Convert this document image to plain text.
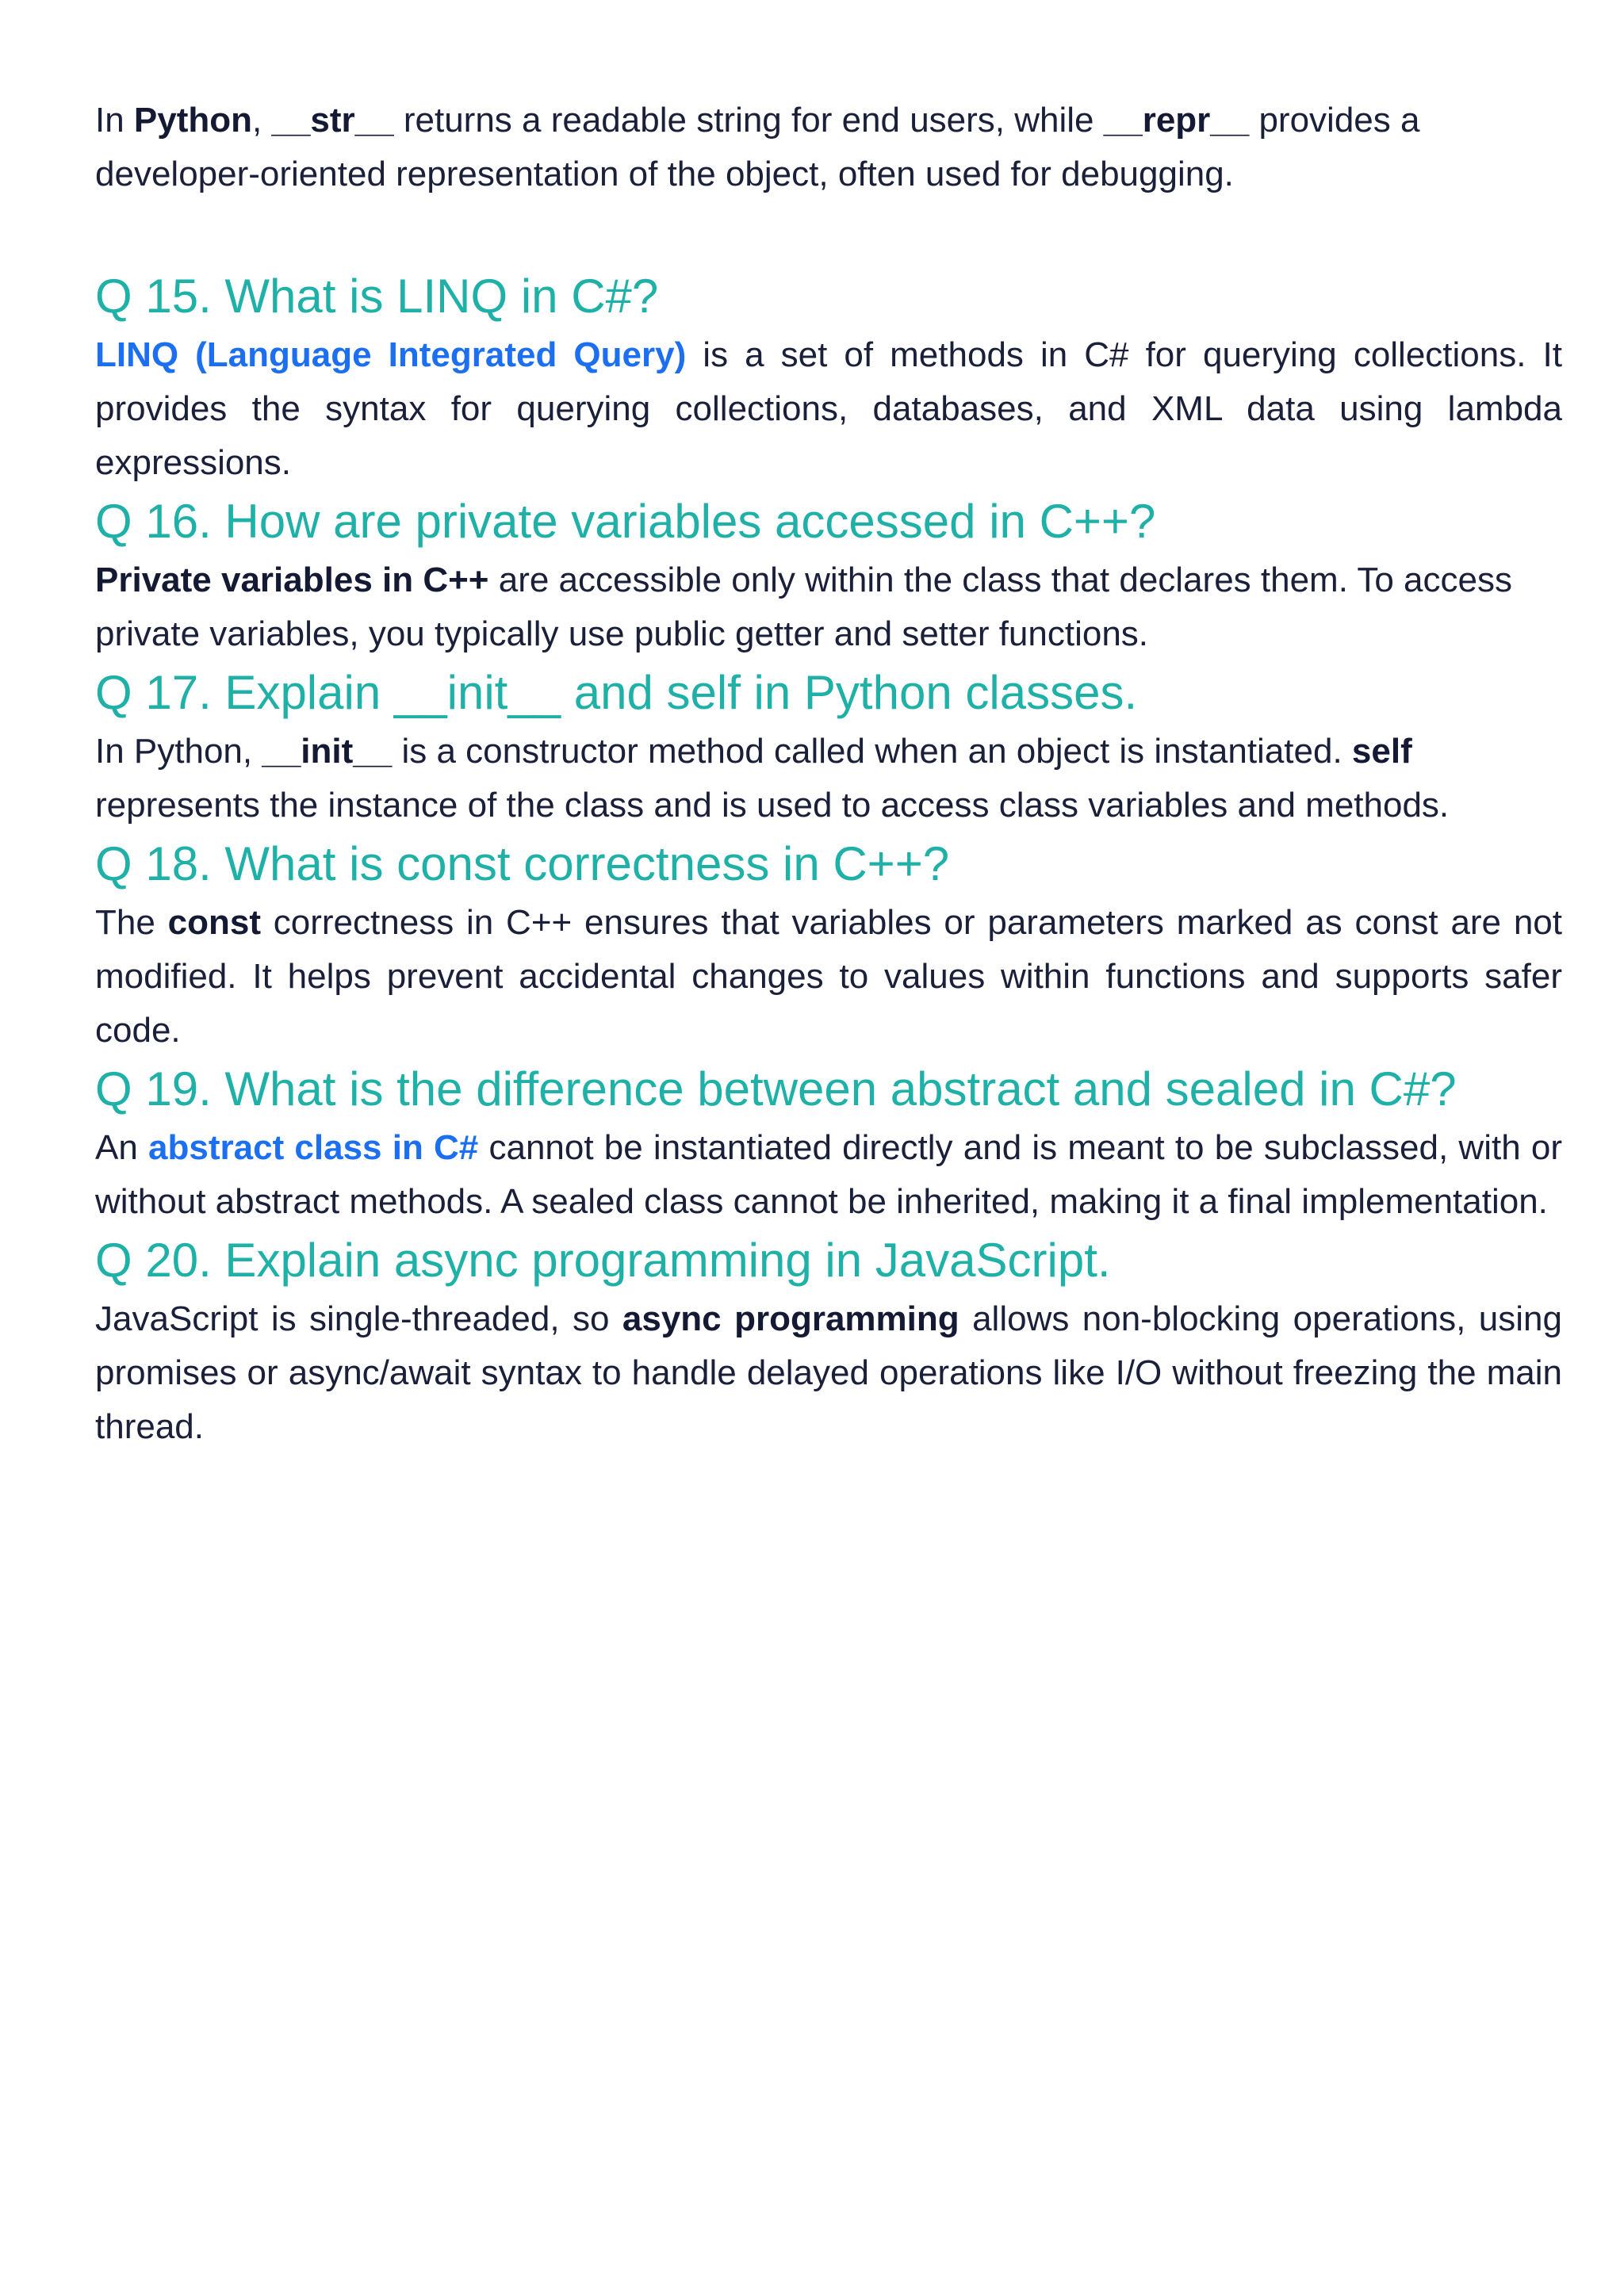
In Python, __str__ returns a readable string for end users, while __repr__ provides a developer-oriented representation of the object, often used for debugging.

Q 15. What is LINQ in C#?

LINQ (Language Integrated Query) is a set of methods in C# for querying collections. It provides the syntax for querying collections, databases, and XML data using lambda expressions.

Q 16. How are private variables accessed in C++?

Private variables in C++ are accessible only within the class that declares them. To access private variables, you typically use public getter and setter functions.

Q 17. Explain __init__ and self in Python classes.

In Python, __init__ is a constructor method called when an object is instantiated. self represents the instance of the class and is used to access class variables and methods.

Q 18. What is const correctness in C++?

The const correctness in C++ ensures that variables or parameters marked as const are not modified. It helps prevent accidental changes to values within functions and supports safer code.

Q 19. What is the difference between abstract and sealed in C#?

An abstract class in C# cannot be instantiated directly and is meant to be subclassed, with or without abstract methods. A sealed class cannot be inherited, making it a final implementation.

Q 20. Explain async programming in JavaScript.

JavaScript is single-threaded, so async programming allows non-blocking operations, using promises or async/await syntax to handle delayed operations like I/O without freezing the main thread.
